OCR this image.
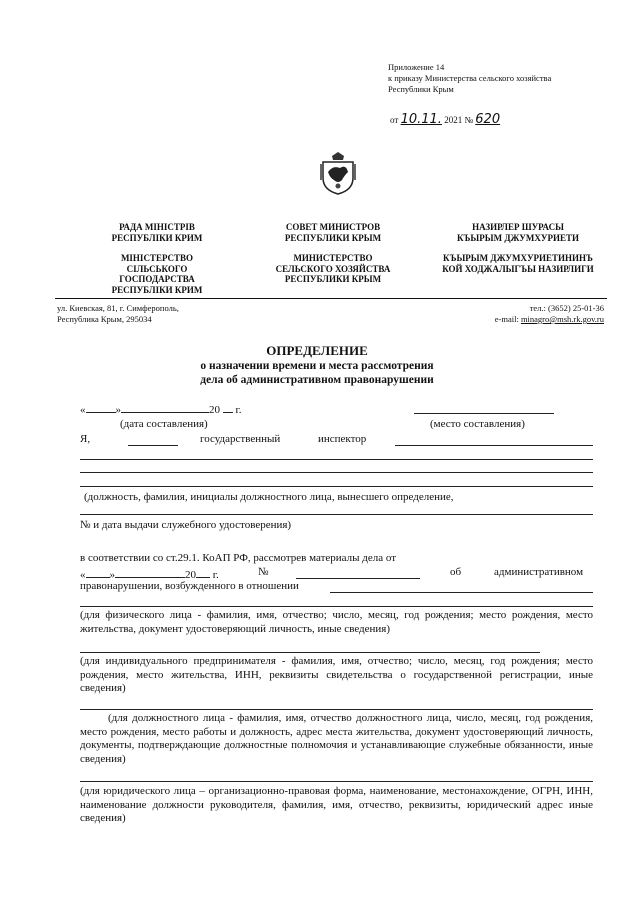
Приложение 14
к приказу Министерства сельского хозяйства
Республики Крым
от 10.11. 2021 № 620
РАДА МІНІСТРІВ
РЕСПУБЛІКИ КРИМ
МІНІСТЕРСТВО
СІЛЬСЬКОГО
ГОСПОДАРСТВА
РЕСПУБЛІКИ КРИМ
СОВЕТ МИНИСТРОВ
РЕСПУБЛИКИ КРЫМ
МИНИСТЕРСТВО
СЕЛЬСКОГО ХОЗЯЙСТВА
РЕСПУБЛИКИ КРЫМ
НАЗИРЛЕР ШУРАСЫ
КЪЫРЫМ ДЖУМХУРИЕТИ
КЪЫРЫМ ДЖУМХУРИЕТИНИНЪ
КОЙ ХОДЖАЛЫГЪЫ НАЗИРЛИГИ
ул. Киевская, 81, г. Симферополь,
Республика Крым, 295034
тел.: (3652) 25-01-36
e-mail: minagro@msh.rk.gov.ru
ОПРЕДЕЛЕНИЕ
о назначении времени и места рассмотрения
дела об административном правонарушении
«	»	20 г.
(дата составления)	(место составления)
Я,	государственный	инспектор
(должность, фамилия, инициалы должностного лица, вынесшего определение,
№ и дата выдачи служебного удостоверения)
в соответствии со ст.29.1. КоАП РФ, рассмотрев материалы дела от
« »	20 г.	№	об	административном
правонарушении, возбужденного в отношении
(для физического лица - фамилия, имя, отчество; число, месяц, год рождения; место рождения, место жительства, документ удостоверяющий личность, иные сведения)
(для индивидуального предпринимателя - фамилия, имя, отчество; число, месяц, год рождения; место рождения, место жительства, ИНН, реквизиты свидетельства о государственной регистрации, иные сведения)
(для должностного лица - фамилия, имя, отчество должностного лица, число, месяц, год рождения, место рождения, место работы и должность, адрес места жительства, документ удостоверяющий личность, документы, подтверждающие должностные полномочия и устанавливающие служебные обязанности, иные сведения)
(для юридического лица – организационно-правовая форма, наименование, местонахождение, ОГРН, ИНН, наименование должности руководителя, фамилия, имя, отчество, реквизиты, юридический адрес иные сведения)
